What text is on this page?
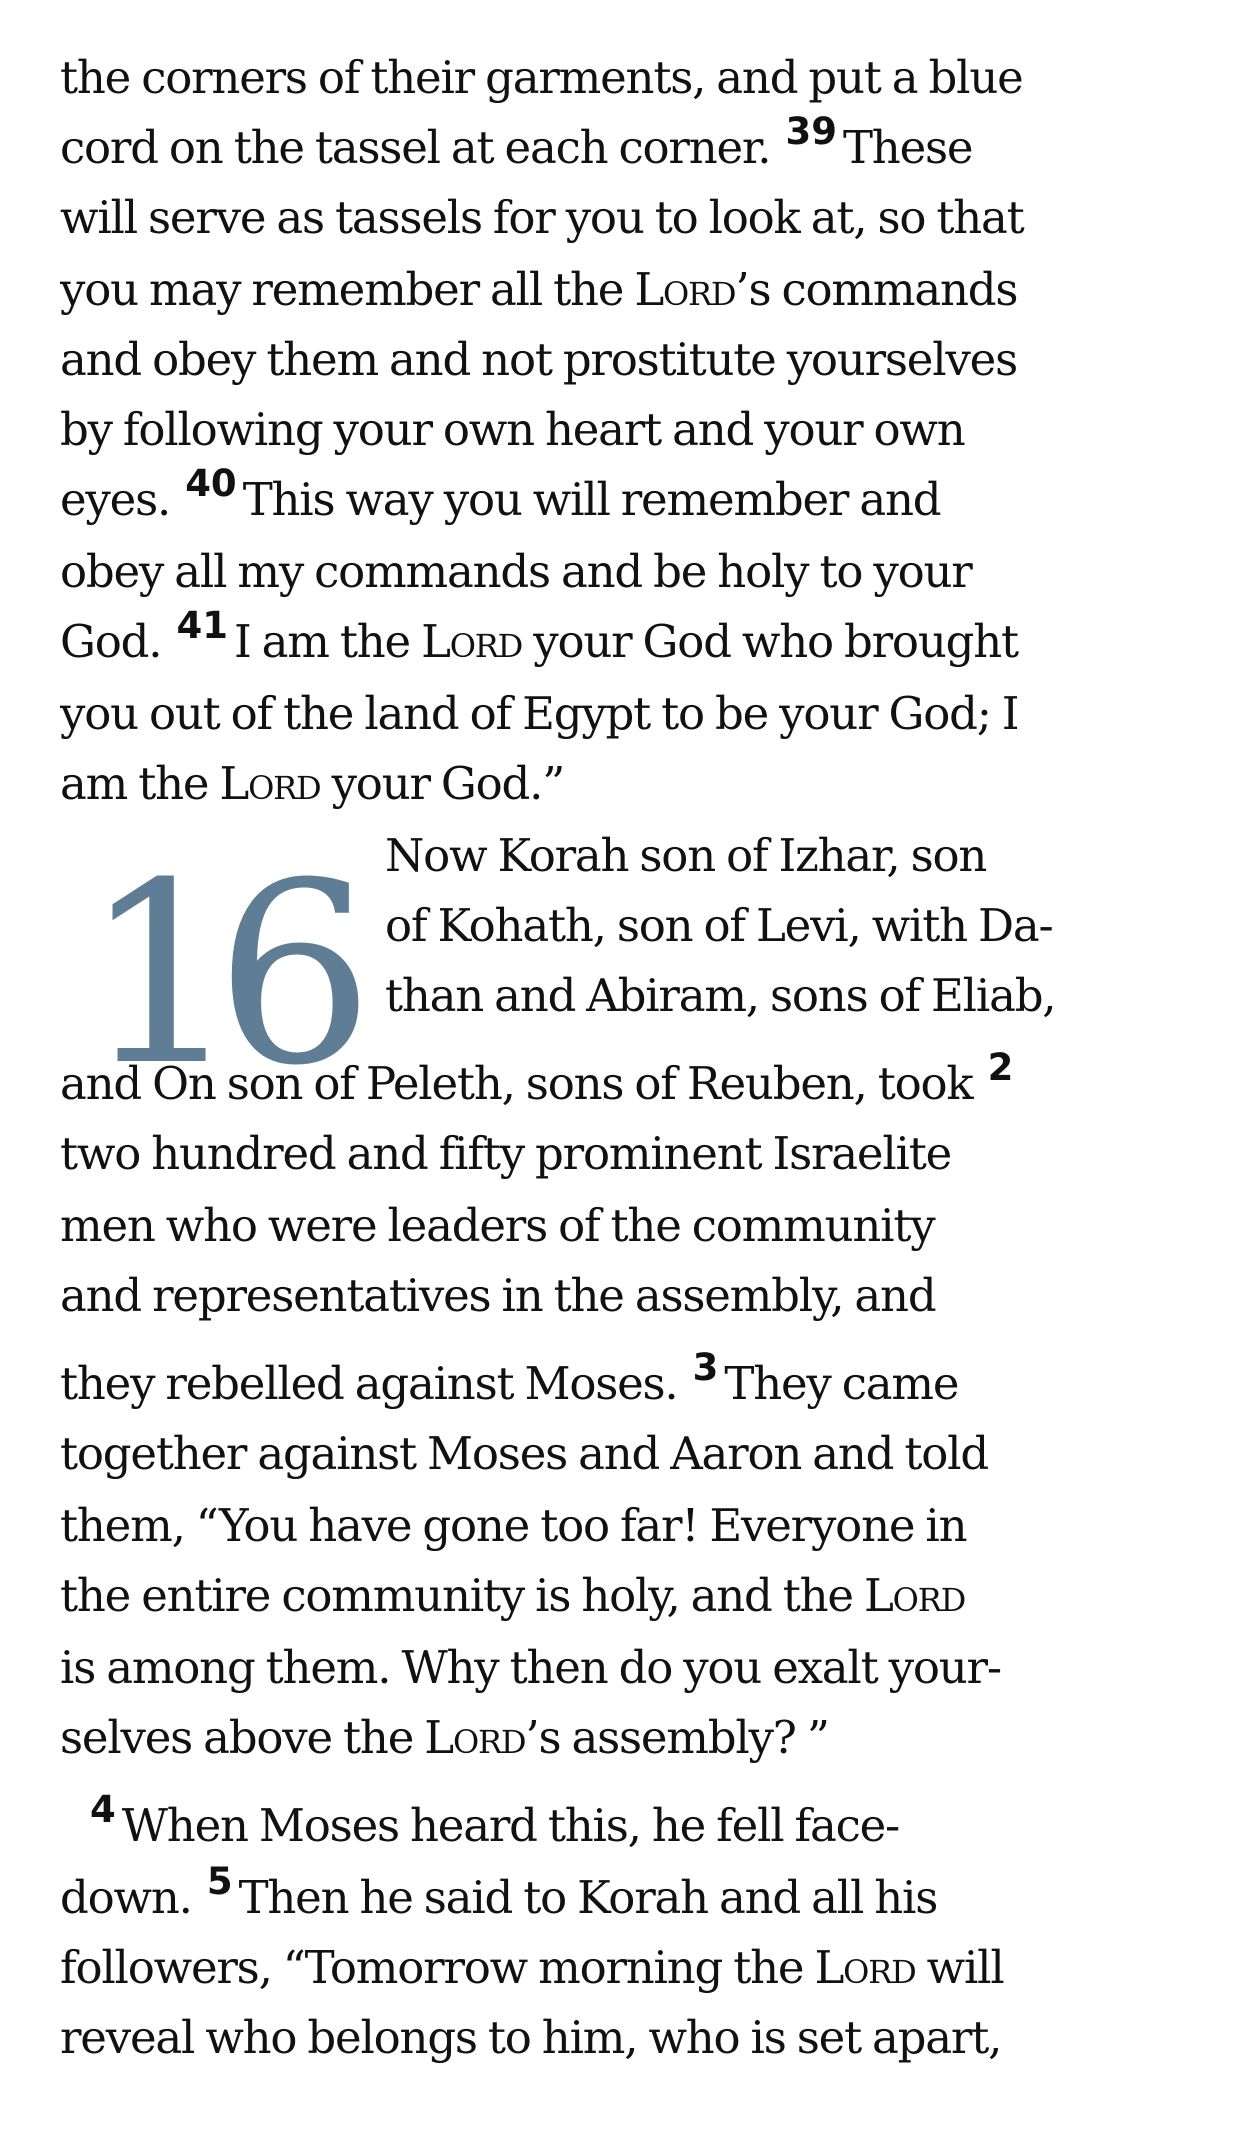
16
the corners of their garments, and put a blue
cord on the tassel at each corner. $^{39}$ These
will serve as tassels for you to look at, so that
you may remember all the Lord’s commands
and obey them and not prostitute yourselves
by following your own heart and your own
eyes. $^{40}$ This way you will remember and
obey all my commands and be holy to your
God. $^{41}$ I am the Lord your God who brought
you out of the land of Egypt to be your God; I
am the Lord your God.”
Now Korah son of Izhar, son
of Kohath, son of Levi, with Da-
than and Abiram, sons of Eliab,
and On son of Peleth, sons of Reuben, took $^2$
two hundred and fifty prominent Israelite
men who were leaders of the community
and representatives in the assembly, and
they rebelled against Moses. $^3$ They came
together against Moses and Aaron and told
them, “You have gone too far! Everyone in
the entire community is holy, and the Lord
is among them. Why then do you exalt your-
selves above the Lord’s assembly? ”
$^4$ When Moses heard this, he fell face-
down. $^5$ Then he said to Korah and all his
followers, “Tomorrow morning the Lord will
reveal who belongs to him, who is set apart,
